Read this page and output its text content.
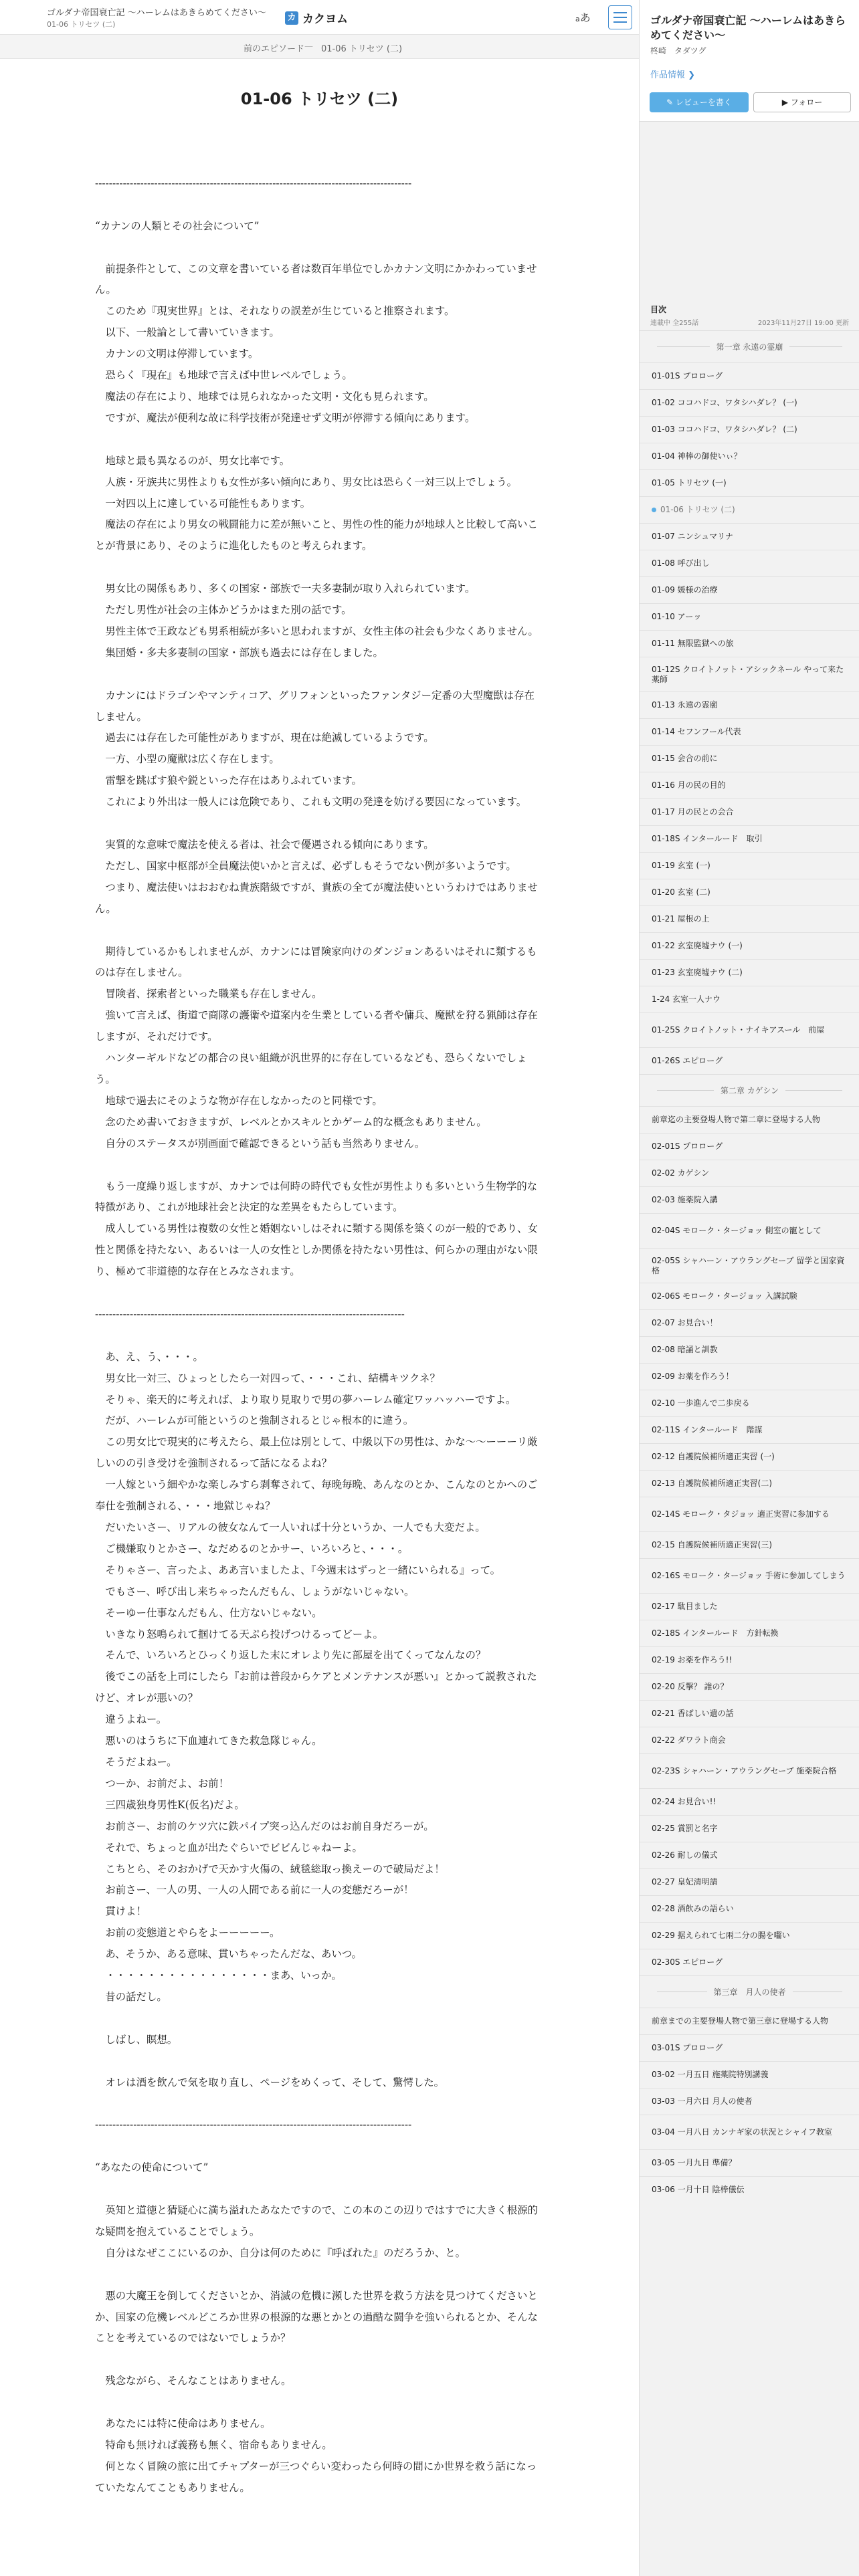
ゴルダナ帝国衰亡記 〜ハーレムはあきらめてください〜
01-06 トリセツ (二)
カ カクヨム	aあ
前のエピソード — 01-06 トリセツ (二)
01-06 トリセツ (二)

-------------------------------------------------------------------------------------------

“カナンの人類とその社会について”

　前提条件として、この文章を書いている者は数百年単位でしかカナン文明にかかわっていません。

　このため『現実世界』とは、それなりの誤差が生じていると推察されます。

　以下、一般論として書いていきます。

　カナンの文明は停滞しています。

　恐らく『現在』も地球で言えば中世レベルでしょう。

　魔法の存在により、地球では見られなかった文明・文化も見られます。

　ですが、魔法が便利な故に科学技術が発達せず文明が停滞する傾向にあります。

　地球と最も異なるのが、男女比率です。

　人族・牙族共に男性よりも女性が多い傾向にあり、男女比は恐らく一対三以上でしょう。

　一対四以上に達している可能性もあります。

　魔法の存在により男女の戦闘能力に差が無いこと、男性の性的能力が地球人と比較して高いことが背景にあり、そのように進化したものと考えられます。

　男女比の関係もあり、多くの国家・部族で一夫多妻制が取り入れられています。

　ただし男性が社会の主体かどうかはまた別の話です。

　男性主体で王政なども男系相続が多いと思われますが、女性主体の社会も少なくありません。

　集団婚・多夫多妻制の国家・部族も過去には存在しました。

　カナンにはドラゴンやマンティコア、グリフォンといったファンタジー定番の大型魔獣は存在しません。

　過去には存在した可能性がありますが、現在は絶滅しているようです。

　一方、小型の魔獣は広く存在します。

　雷撃を跳ばす狼や鋭といった存在はありふれています。

　これにより外出は一般人には危険であり、これも文明の発達を妨げる要因になっています。

　実質的な意味で魔法を使える者は、社会で優遇される傾向にあります。

　ただし、国家中枢部が全員魔法使いかと言えば、必ずしもそうでない例が多いようです。

　つまり、魔法使いはおおむね貴族階級ですが、貴族の全てが魔法使いというわけではありません。

　期待しているかもしれませんが、カナンには冒険家向けのダンジョンあるいはそれに類するものは存在しません。

　冒険者、探索者といった職業も存在しません。

　強いて言えば、街道で商隊の護衛や道案内を生業としている者や傭兵、魔獣を狩る猟師は存在しますが、それだけです。

　ハンターギルドなどの都合の良い組織が汎世界的に存在しているなども、恐らくないでしょう。

　地球で過去にそのような物が存在しなかったのと同様です。

　念のため書いておきますが、レベルとかスキルとかゲーム的な概念もありません。

　自分のステータスが別画面で確認できるという話も当然ありません。

　もう一度繰り返しますが、カナンでは何時の時代でも女性が男性よりも多いという生物学的な特徴があり、これが地球社会と決定的な差異をもたらしています。

　成人している男性は複数の女性と婚姻ないしはそれに類する関係を築くのが一般的であり、女性と関係を持たない、あるいは一人の女性としか関係を持たない男性は、何らかの理由がない限り、極めて非道徳的な存在とみなされます。

-----------------------------------------------------------------------------------------

　あ、え、う、・・・。

　男女比一対三、ひょっとしたら一対四って、・・・これ、結構キツクネ？

　そりゃ、楽天的に考えれば、より取り見取りで男の夢ハーレム確定ワッハッハーですよ。

　だが、ハーレムが可能というのと強制されるとじゃ根本的に違う。

　この男女比で現実的に考えたら、最上位は別として、中級以下の男性は、かな〜〜ーーーリ厳しいのの引き受けを強制されるって話になるよね？

　一人嫁という細やかな楽しみすら剥奪されて、毎晩毎晩、あんなのとか、こんなのとかへのご奉仕を強制される、・・・地獄じゃね？

　だいたいさー、リアルの彼女なんて一人いれば十分というか、一人でも大変だよ。

　ご機嫌取りとかさー、なだめるのとかサー、いろいろと、・・・。

　そりゃさー、言ったよ、ああ言いましたよ、『今週末はずっと一緒にいられる』って。

　でもさー、呼び出し来ちゃったんだもん、しょうがないじゃない。

　そーゆー仕事なんだもん、仕方ないじゃない。

　いきなり怒鳴られて掴けてる天ぷら投げつけるってどーよ。

　そんで、いろいろとひっくり返した末にオレより先に部屋を出てくってなんなの？

　後でこの話を上司にしたら『お前は普段からケアとメンテナンスが悪い』とかって説教されたけど、オレが悪いの？

　違うよねー。

　悪いのはうちに下血連れてきた救急隊じゃん。

　そうだよねー。

　つーか、お前だよ、お前！

　三四歳独身男性K(仮名)だよ。

　お前さー、お前のケツ穴に鉄パイプ突っ込んだのはお前自身だろーが。

　それで、ちょっと血が出たぐらいでビビんじゃねーよ。

　こちとら、そのおかげで天かす火傷の、絨毯総取っ換えーので破局だよ！

　お前さー、一人の男、一人の人間である前に一人の変態だろーが！

　貫けよ！

　お前の変態道とやらをよーーーーー。

　あ、そうか、ある意味、貫いちゃったんだな、あいつ。

　・・・・・・・・・・・・・・・・まあ、いっか。

　昔の話だし。

　しばし、瞑想。

　オレは酒を飲んで気を取り直し、ページをめくって、そして、驚愕した。

-------------------------------------------------------------------------------------------

“あなたの使命について”

　英知と道徳と猜疑心に満ち溢れたあなたですので、この本のこの辺りではすでに大きく根源的な疑問を抱えていることでしょう。

　自分はなぜここにいるのか、自分は何のために『呼ばれた』のだろうか、と。

　悪の大魔王を倒してくださいとか、消滅の危機に瀕した世界を救う方法を見つけてくださいとか、国家の危機レベルどころか世界の根源的な悪とかとの過酷な闘争を強いられるとか、そんなことを考えているのではないでしょうか？

　残念ながら、そんなことはありません。

　あなたには特に使命はありません。

　特命も無ければ義務も無く、宿命もありません。

　何となく冒険の旅に出てチャプターが三つぐらい変わったら何時の間にか世界を救う話になっていたなんてこともありません。

ゴルダナ帝国衰亡記 〜ハーレムはあきらめてください〜
柊崎　タダツグ
作品情報 ❯
✎ レビューを書く	▶ フォロー
目次
連載中 全255話	2023年11月27日 19:00 更新
第一章 永遠の霊廟
01-01S プロローグ
01-02 ココハドコ、ワタシハダレ？ (一)
01-03 ココハドコ、ワタシハダレ？ (二)
01-04 神棒の御使いぃ？
01-05 トリセツ (一)
01-06 トリセツ (二)
01-07 ニンシュマリナ
01-08 呼び出し
01-09 媛様の治療
01-10 アーッ
01-11 無限監獄への旅
01-12S クロイトノット・アシックネール やって来た薬師
01-13 永遠の霊廟
01-14 セフンフール代表
01-15 会合の前に
01-16 月の民の目的
01-17 月の民との会合
01-18S インタールード　取引
01-19 玄室 (一)
01-20 玄室 (二)
01-21 屋根の上
01-22 玄室廃墟ナウ (一)
01-23 玄室廃墟ナウ (二)
1-24 玄室一人ナウ
01-25S クロイトノット・ナイキアスール　前屋
01-26S エピローグ
第二章 カゲシン
前章迄の主要登場人物で第二章に登場する人物
02-01S プロローグ
02-02 カゲシン
02-03 施薬院入講
02-04S モローク・タージョッ 側室の寵として
02-05S シャハーン・アウラングセーブ 留学と国家資格
02-06S モローク・タージョッ 入講試験
02-07 お見合い！
02-08 暗誦と訓教
02-09 お薬を作ろう！
02-10 一歩進んで二歩戻る
02-11S インタールード　階謀
02-12 自護院候補所適正実習 (一)
02-13 自護院候補所適正実習(二)
02-14S モローク・タジョッ 適正実習に参加する
02-15 自護院候補所適正実習(三)
02-16S モローク・タージョッ 手術に参加してしまう
02-17 駄目ました
02-18S インタールード　方針転換
02-19 お薬を作ろう!!
02-20 反撃？ 誰の？
02-21 香ばしい遺の話
02-22 ダワラト商会
02-23S シャハーン・アウラングセーブ 施薬院合格
02-24 お見合い!!
02-25 賞罰と名字
02-26 耐しの儀式
02-27 皇妃清明請
02-28 酒飲みの語らい
02-29 据えられて七兩二分の腸を囓い
02-30S エピローグ
第三章　月人の使者
前章までの主要登場人物で第三章に登場する人物
03-01S プロローグ
03-02 一月五日 施薬院特別講義
03-03 一月六日 月人の使者
03-04 一月八日 カンナギ家の状況とシャイフ教室
03-05 一月九日 準備？
03-06 一月十日 陰棒儀伝
